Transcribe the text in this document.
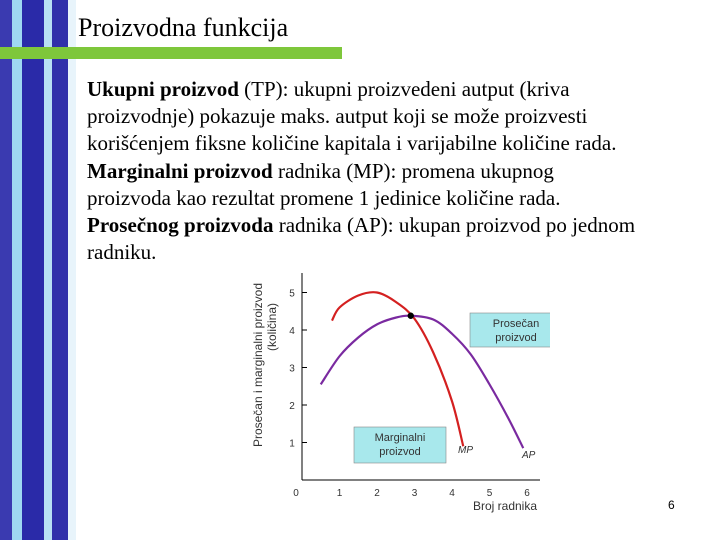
Proizvodna funkcija

Ukupni proizvod (TP): ukupni proizvedeni autput (kriva

proizvodnje) pokazuje maks. autput koji se može proizvesti

korišćenjem fiksne količine kapitala i varijabilne količine rada.

Marginalni proizvod radnika (MP): promena ukupnog

proizvoda kao rezultat promene 1 jedinice količine rada.

Prosečnog proizvoda radnika (AP): ukupan proizvod po jednom

radniku.

1
2
3
4
5
0	1	2	3	4	5	6
Prosečan
proizvod
Marginalni
proizvod	MP	AP
Broj radnika
Prosečan i marginalni proizvod (količina)
6
